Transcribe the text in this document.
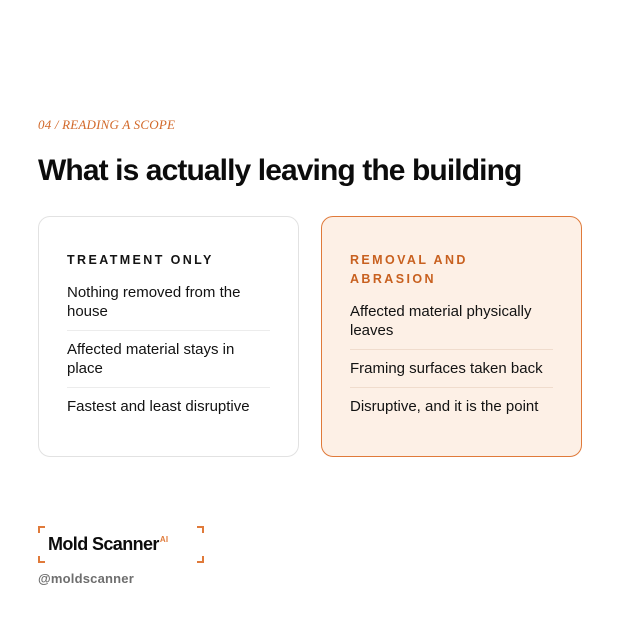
04 / READING A SCOPE
What is actually leaving the building
TREATMENT ONLY
Nothing removed from the house
Affected material stays in place
Fastest and least disruptive
REMOVAL AND ABRASION
Affected material physically leaves
Framing surfaces taken back
Disruptive, and it is the point
Mold Scanner$^{AI}$
@moldscanner
